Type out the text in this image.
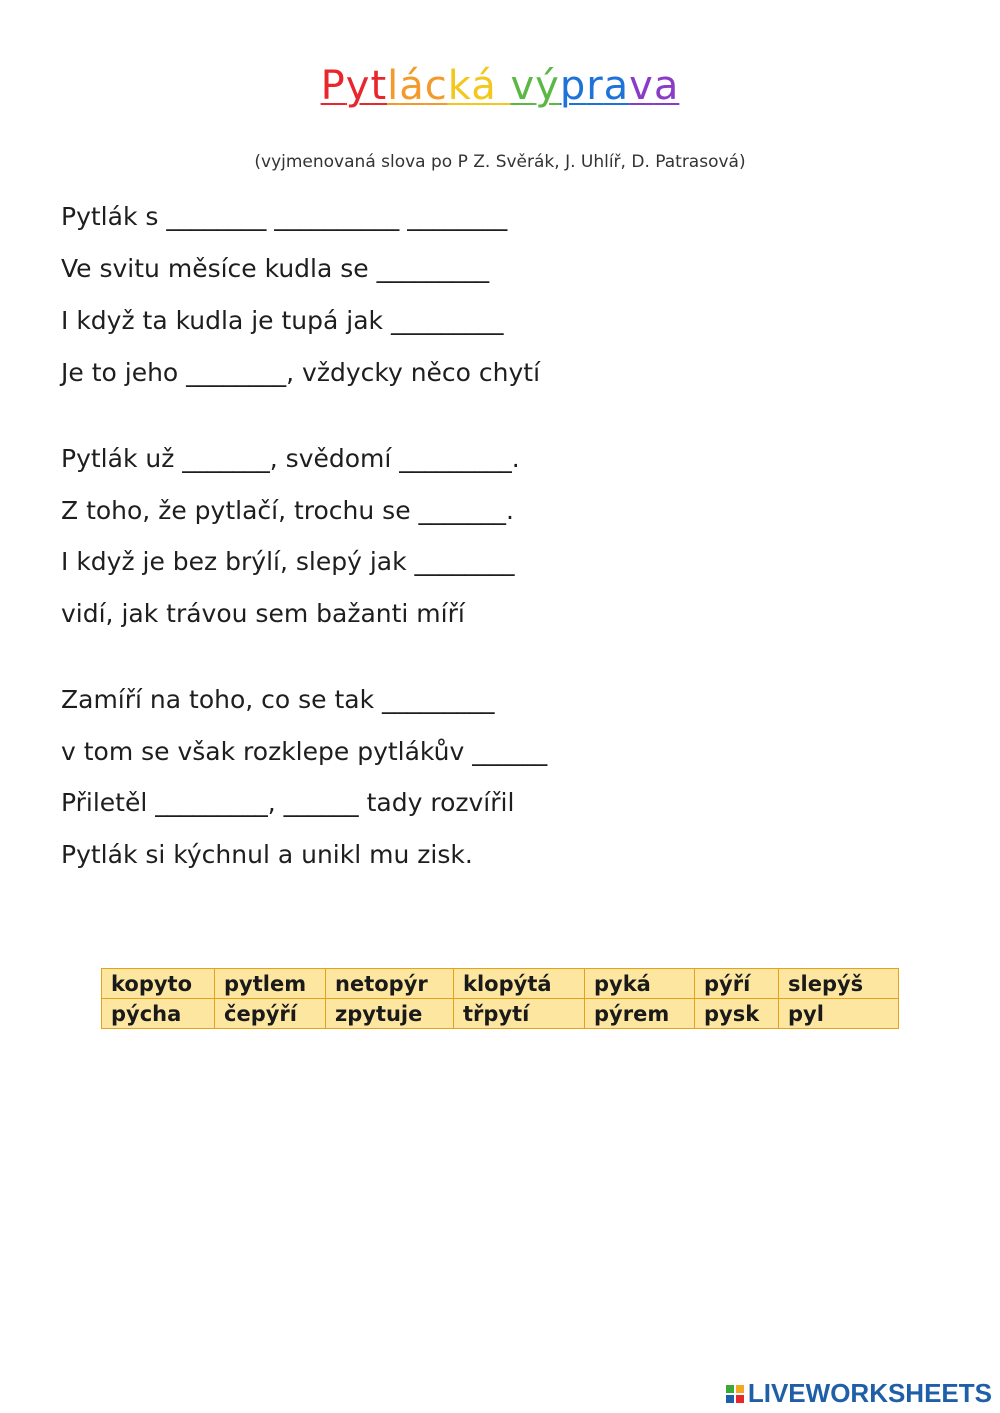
Pytlácká výprava
(vyjmenovaná slova po P Z. Svěrák, J. Uhlíř, D. Patrasová)
Pytlák s ________ __________ ________
Ve svitu měsíce kudla se _________
I když ta kudla je tupá jak _________
Je to jeho ________, vždycky něco chytí
Pytlák už _______, svědomí _________.
Z toho, že pytlačí, trochu se _______.
I když je bez brýlí, slepý jak ________
vidí, jak trávou sem bažanti míří
Zamíří na toho, co se tak _________
v tom se však rozklepe pytlákův ______
Přiletěl _________, ______ tady rozvířil
Pytlák si kýchnul a unikl mu zisk.
kopyto	pytlem	netopýr	klopýtá	pyká	pýří	slepýš
pýcha	čepýří	zpytuje	třpytí	pýrem	pysk	pyl
LIVEWORKSHEETS
